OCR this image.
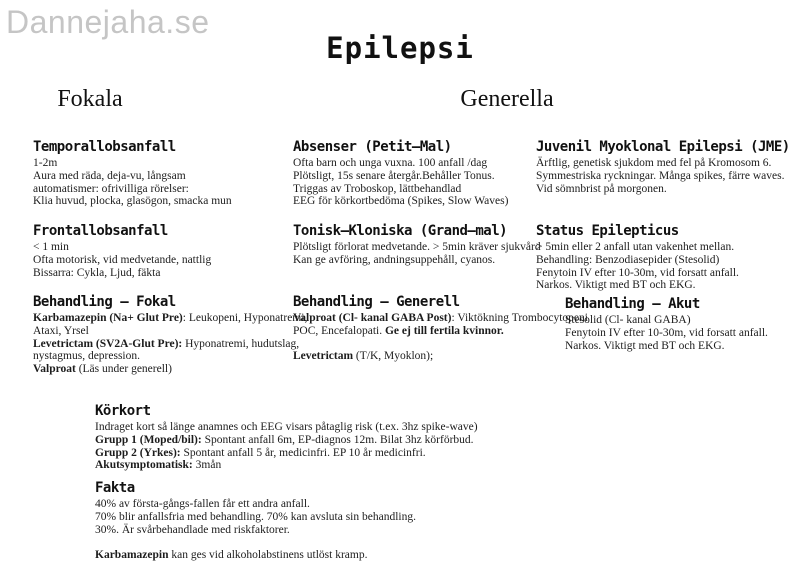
Dannejaha.se
Epilepsi
Fokala	Generella
Temporallobsanfall
1-2m
Aura med räda, deja-vu, långsam
automatismer: ofrivilliga rörelser:
Klia huvud, plocka, glasögon, smacka mun
Absenser (Petit–Mal)
Ofta barn och unga vuxna. 100 anfall /dag
Plötsligt, 15s senare återgår.Behåller Tonus.
Triggas av Troboskop, lättbehandlad
EEG för körkortbedöma (Spikes, Slow Waves)
Juvenil Myoklonal Epilepsi (JME)
Ärftlig, genetisk sjukdom med fel på Kromosom 6.
Symmestriska ryckningar. Många spikes, färre waves.
Vid sömnbrist på morgonen.
Frontallobsanfall
< 1 min
Ofta motorisk, vid medvetande, nattlig
Bissarra: Cykla, Ljud, fäkta
Tonisk–Kloniska (Grand–mal)
Plötsligt förlorat medvetande. > 5min kräver sjukvård
Kan ge avföring, andningsuppehåll, cyanos.
Status Epilepticus
> 5min eller 2 anfall utan vakenhet mellan.
Behandling: Benzodiasepider (Stesolid)
Fenytoin IV efter 10-30m, vid forsatt anfall.
Narkos. Viktigt med BT och EKG.
Behandling – Fokal
Karbamazepin (Na+ Glut Pre): Leukopeni, Hyponatremi,
Ataxi, Yrsel
Levetrictam (SV2A-Glut Pre): Hyponatremi, hudutslag,
nystagmus, depression.
Valproat (Läs under generell)
Behandling – Generell
Valproat (Cl- kanal GABA Post): Viktökning Trombocytopeni
POC, Encefalopati. Ge ej till fertila kvinnor.
Levetrictam (T/K, Myoklon);
Behandling – Akut
Stesolid (Cl- kanal GABA)
Fenytoin IV efter 10-30m, vid forsatt anfall.
Narkos. Viktigt med BT och EKG.
Körkort
Indraget kort så länge anamnes och EEG visars påtaglig risk (t.ex. 3hz spike-wave)
Grupp 1 (Moped/bil): Spontant anfall 6m, EP-diagnos 12m. Bilat 3hz körförbud.
Grupp 2 (Yrkes): Spontant anfall 5 år, medicinfri. EP 10 år medicinfri.
Akutsymptomatisk: 3mån
Fakta
40% av första-gångs-fallen får ett andra anfall.
70% blir anfallsfria med behandling. 70% kan avsluta sin behandling.
30%. Är svårbehandlade med riskfaktorer.
Karbamazepin kan ges vid alkoholabstinens utlöst kramp.
